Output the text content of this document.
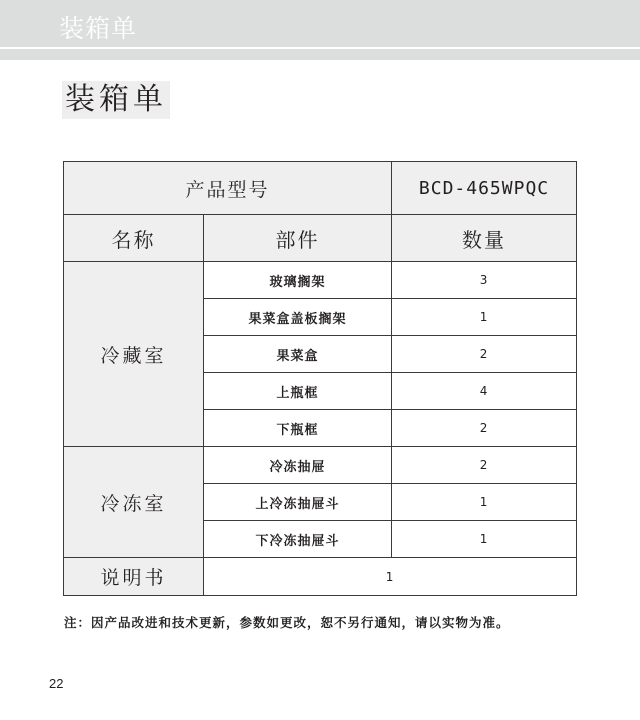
装箱单
装箱单
产品型号		BCD-465WPQC
名称	部件	数量
冷藏室	玻璃搁架	3
	果菜盒盖板搁架	1
	果菜盒	2
	上瓶框	4
	下瓶框	2
冷冻室	冷冻抽屉	2
	上冷冻抽屉斗	1
	下冷冻抽屉斗	1
说明书	1	
注：因产品改进和技术更新，参数如更改，恕不另行通知，请以实物为准。
22
